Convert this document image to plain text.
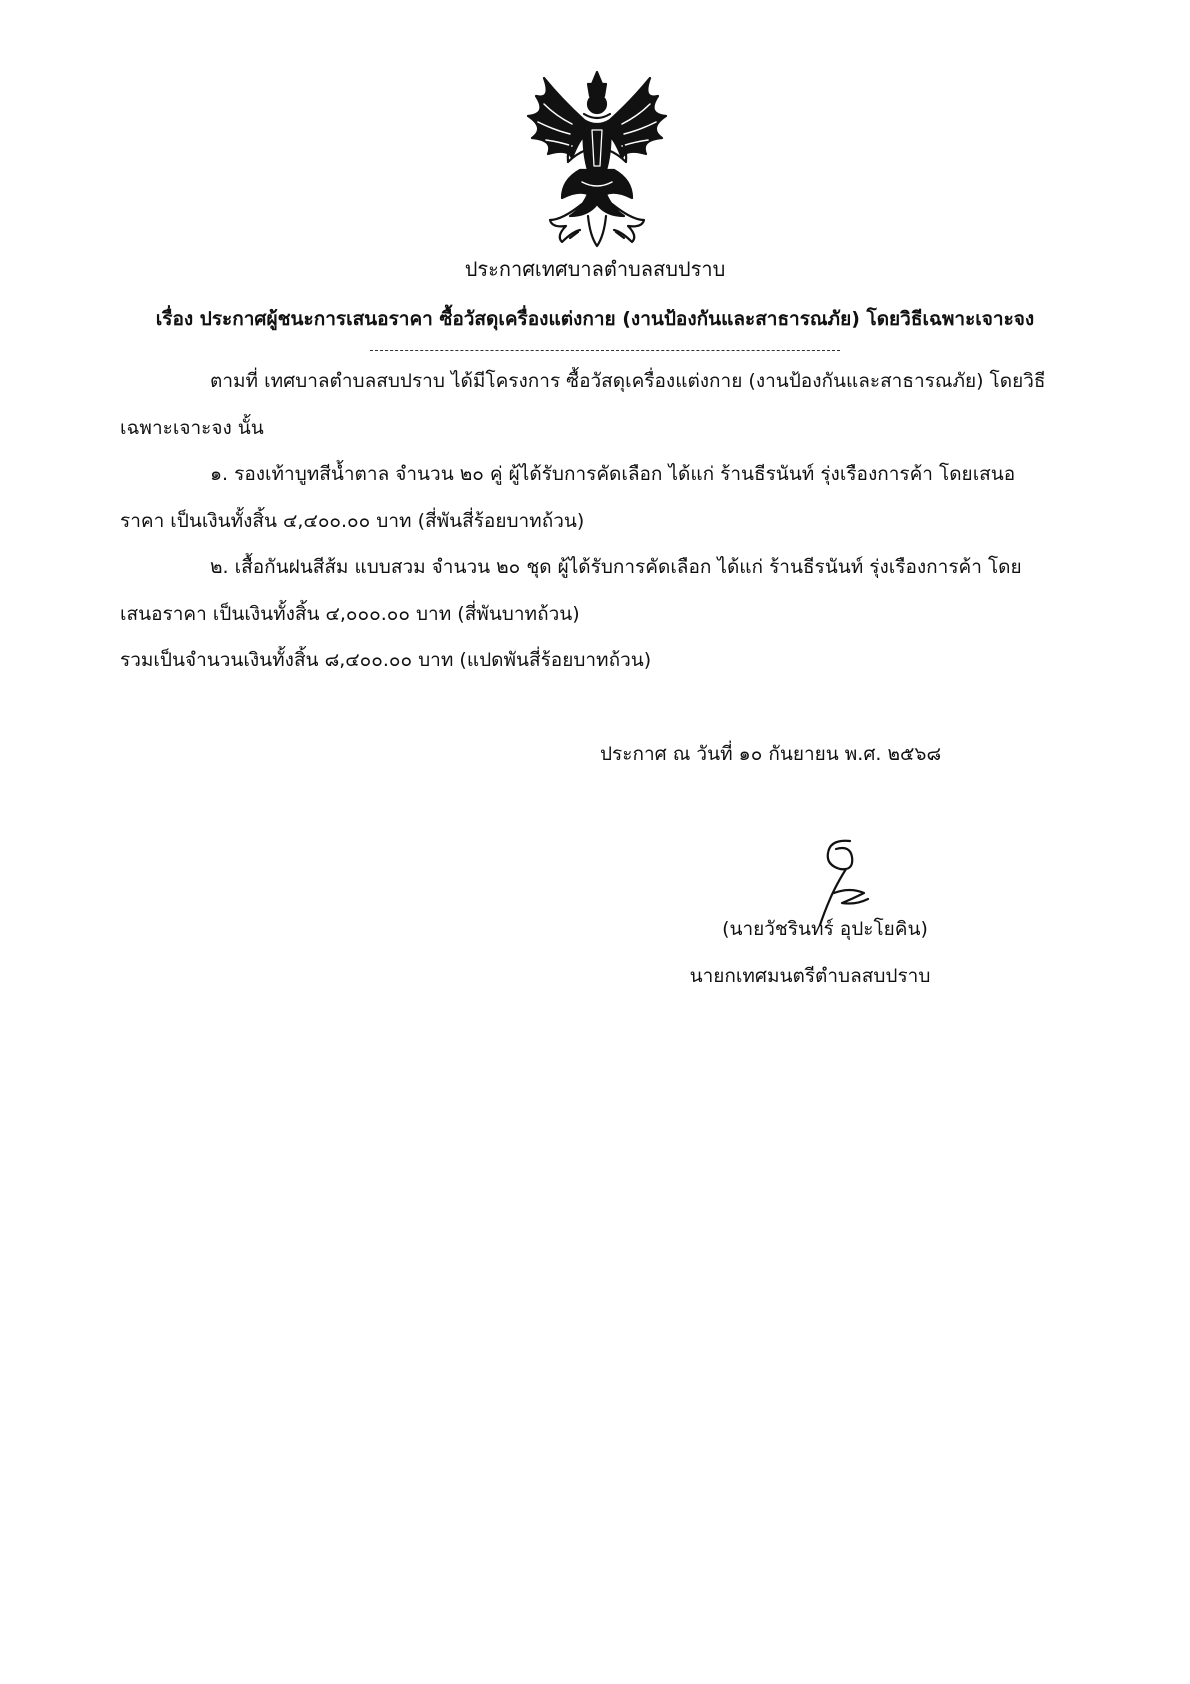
ประกาศเทศบาลตำบลสบปราบ
เรื่อง ประกาศผู้ชนะการเสนอราคา ซื้อวัสดุเครื่องแต่งกาย (งานป้องกันและสาธารณภัย) โดยวิธีเฉพาะเจาะจง
ตามที่ เทศบาลตำบลสบปราบ ได้มีโครงการ ซื้อวัสดุเครื่องแต่งกาย (งานป้องกันและสาธารณภัย) โดยวิธี
เฉพาะเจาะจง นั้น
๑. รองเท้าบูทสีน้ำตาล จำนวน ๒๐ คู่ ผู้ได้รับการคัดเลือก ได้แก่ ร้านธีรนันท์ รุ่งเรืองการค้า โดยเสนอ
ราคา เป็นเงินทั้งสิ้น ๔,๔๐๐.๐๐ บาท (สี่พันสี่ร้อยบาทถ้วน)
๒. เสื้อกันฝนสีส้ม แบบสวม จำนวน ๒๐ ชุด ผู้ได้รับการคัดเลือก ได้แก่ ร้านธีรนันท์ รุ่งเรืองการค้า โดย
เสนอราคา เป็นเงินทั้งสิ้น ๔,๐๐๐.๐๐ บาท (สี่พันบาทถ้วน)
รวมเป็นจำนวนเงินทั้งสิ้น ๘,๔๐๐.๐๐ บาท (แปดพันสี่ร้อยบาทถ้วน)
ประกาศ ณ วันที่ ๑๐ กันยายน พ.ศ. ๒๕๖๘
(นายวัชรินทร์ อุปะโยคิน)
นายกเทศมนตรีตำบลสบปราบ
